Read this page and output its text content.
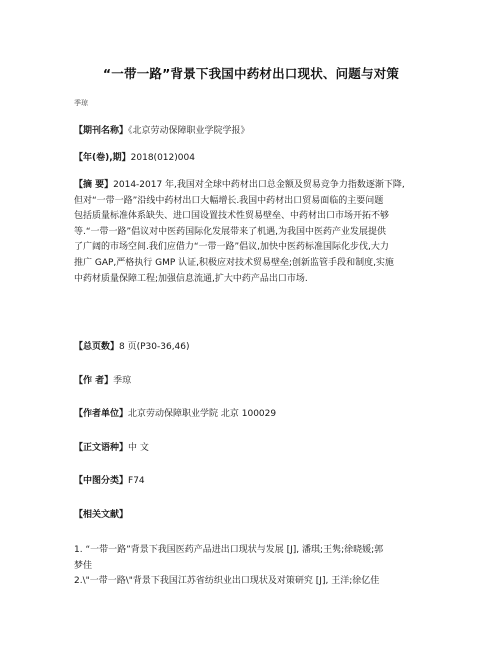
“一带一路”背景下我国中药材出口现状、问题与对策
季琼
【期刊名称】《北京劳动保障职业学院学报》
【年(卷),期】2018(012)004
【摘 要】2014-2017 年,我国对全球中药材出口总金额及贸易竞争力指数逐渐下降,
但对“一带一路”沿线中药材出口大幅增长.我国中药材出口贸易面临的主要问题
包括质量标准体系缺失、进口国设置技术性贸易壁垒、中药材出口市场开拓不够
等.“一带一路”倡议对中医药国际化发展带来了机遇,为我国中医药产业发展提供
了广阔的市场空间.我们应借力“一带一路”倡议,加快中医药标准国际化步伐,大力
推广 GAP,严格执行 GMP 认证,积极应对技术贸易壁垒;创新监管手段和制度,实施
中药材质量保障工程;加强信息流通,扩大中药产品出口市场.
【总页数】8 页(P30-36,46)
【作 者】季琼
【作者单位】北京劳动保障职业学院 北京 100029
【正文语种】中 文
【中图分类】F74
【相关文献】
1. “一带一路”背景下我国医药产品进出口现状与发展 [J], 潘琪;王隽;徐晓媛;郭
梦佳
2.\"一带一路\"背景下我国江苏省纺织业出口现状及对策研究 [J], 王洋;徐亿佳
